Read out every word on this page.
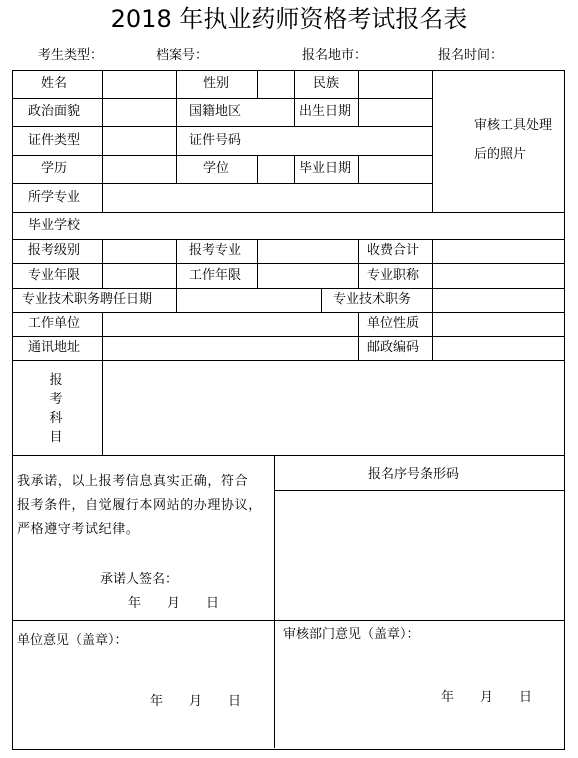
2018 年执业药师资格考试报名表
考生类型：	档案号：	报名地市：	报名时间：
姓名	性别	民族
政治面貌	国籍地区	出生日期
证件类型	证件号码
学历	学位	毕业日期
所学专业
审核工具处理
后的照片
毕业学校
报考级别	报考专业	收费合计
专业年限	工作年限	专业职称
专业技术职务聘任日期	专业技术职务
工作单位	单位性质
通讯地址	邮政编码
报考科目
我承诺，以上报考信息真实正确，符合
报考条件，自觉履行本网站的办理协议，
严格遵守考试纪律。
承诺人签名：
年　　月　　日
报名序号条形码
单位意见（盖章）：
年　　月　　日
审核部门意见（盖章）：
年　　月　　日
